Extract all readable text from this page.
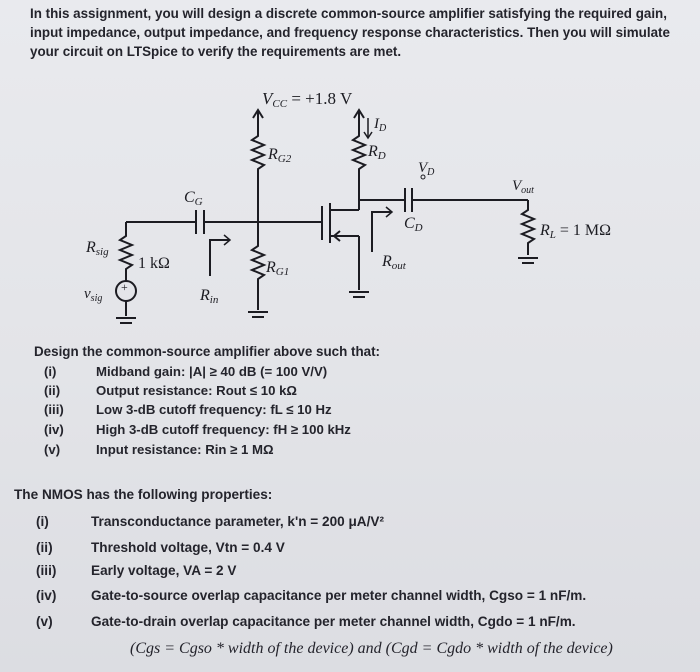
In this assignment, you will design a discrete common-source amplifier satisfying the required gain, input impedance, output impedance, and frequency response characteristics. Then you will simulate your circuit on LTSpice to verify the requirements are met.
VCC = +1.8 V
RG2	RD
$I_D$
$V_D$
CD
$V_{out}$
RL = 1 MΩ
Rout
RG1
Rin
CG
Rsig
1 kΩ
+
$v_{sig}$
Design the common-source amplifier above such that:
(i)	Midband gain: |A| ≥ 40 dB (= 100 V/V)
(ii)	Output resistance: Rout ≤ 10 kΩ
(iii) Low 3-dB cutoff frequency: fL ≤ 10 Hz
(iv) High 3-dB cutoff frequency: fH ≥ 100 kHz
(v)	Input resistance: Rin ≥ 1 MΩ
The NMOS has the following properties:
(i)	Transconductance parameter, k'n = 200 μA/V²
(ii)	Threshold voltage, Vtn = 0.4 V
(iii)	Early voltage, VA = 2 V
(iv)	Gate-to-source overlap capacitance per meter channel width, Cgso = 1 nF/m.
(v)	Gate-to-drain overlap capacitance per meter channel width, Cgdo = 1 nF/m.
(Cgs = Cgso * width of the device) and (Cgd = Cgdo * width of the device)
